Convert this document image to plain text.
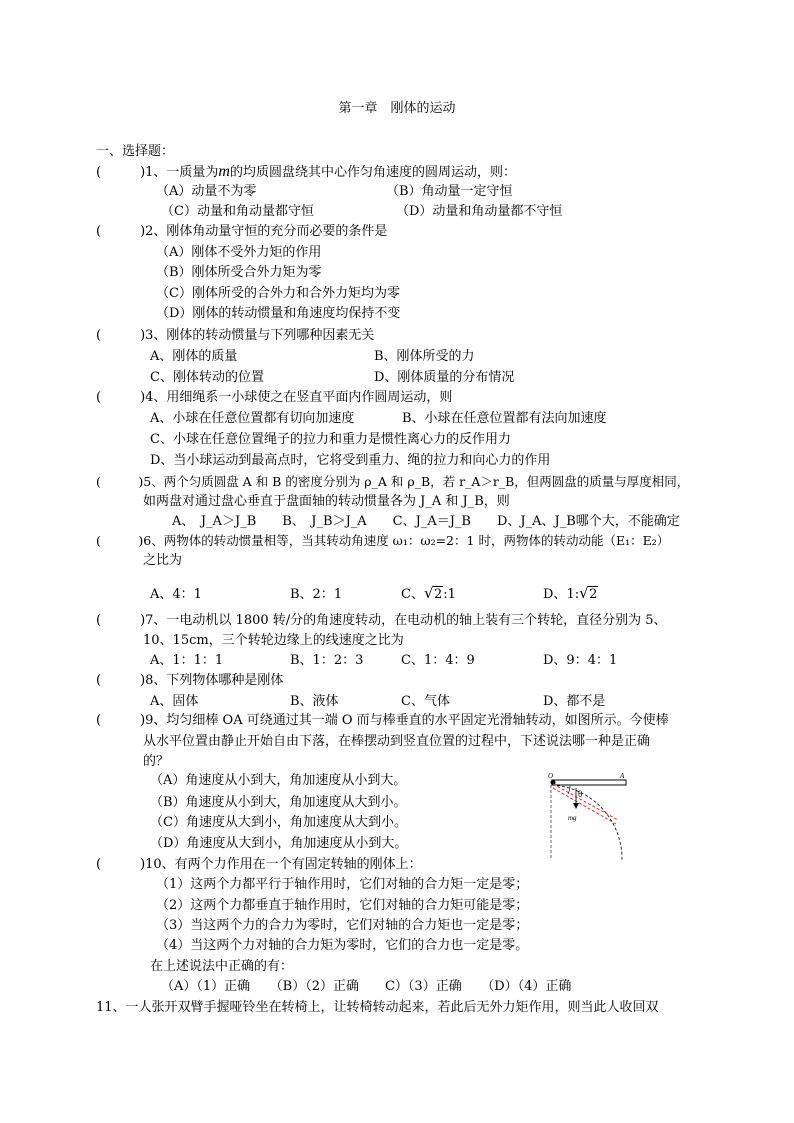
第一章　刚体的运动
一、选择题：
(　　　)1、一质量为m的均质圆盘绕其中心作匀角速度的圆周运动，则：
（A）动量不为零	（B）角动量一定守恒
（C）动量和角动量都守恒	（D）动量和角动量都不守恒
(　　　)2、刚体角动量守恒的充分而必要的条件是
（A）刚体不受外力矩的作用
（B）刚体所受合外力矩为零
（C）刚体所受的合外力和合外力矩均为零
（D）刚体的转动惯量和角速度均保持不变
(　　　)3、刚体的转动惯量与下列哪种因素无关
A、刚体的质量	B、刚体所受的力
C、刚体转动的位置	D、刚体质量的分布情况
(　　　)4、用细绳系一小球使之在竖直平面内作圆周运动，则
A、小球在任意位置都有切向加速度	B、小球在任意位置都有法向加速度
C、小球在任意位置绳子的拉力和重力是惯性离心力的反作用力
D、当小球运动到最高点时，它将受到重力、绳的拉力和向心力的作用
(　　　)5、两个匀质圆盘 A 和 B 的密度分别为 ρ_A 和 ρ_B，若 r_A＞r_B，但两圆盘的质量与厚度相同，
如两盘对通过盘心垂直于盘面轴的转动惯量各为 J_A 和 J_B，则
A、　J_A＞J_B　　B、　J_B＞J_A　　C、J_A＝J_B　　D、J_A、J_B哪个大，不能确定
(　　　)6、两物体的转动惯量相等，当其转动角速度 ω₁：ω₂=2：1 时，两物体的转动动能（E₁：E₂）
之比为
A、4：1	B、2：1	C、 √ 2:1	D、1: √ 2
(　　　)7、一电动机以 1800 转/分的角速度转动，在电动机的轴上装有三个转轮，直径分别为 5、
10、15cm，三个转轮边缘上的线速度之比为
A、1：1：1	B、1：2：3	C、1：4：9	D、9：4：1
(　　　)8、下列物体哪种是刚体
A、固体	B、液体	C、气体	D、都不是
(　　　)9、均匀细棒 OA 可绕通过其一端 O 而与棒垂直的水平固定光滑轴转动，如图所示。今使棒
从水平位置由静止开始自由下落，在棒摆动到竖直位置的过程中，下述说法哪一种是正确
的？
（A）角速度从小到大，角加速度从小到大。
（B）角速度从小到大，角加速度从大到小。
（C）角速度从大到小，角加速度从大到小。
（D）角速度从大到小，角加速度从小到大。
O	A
θ
mg
(　　　)10、有两个力作用在一个有固定转轴的刚体上：
（1）这两个力都平行于轴作用时，它们对轴的合力矩一定是零；
（2）这两个力都垂直于轴作用时，它们对轴的合力矩可能是零；
（3）当这两个力的合力为零时，它们对轴的合力矩也一定是零；
（4）当这两个力对轴的合力矩为零时，它们的合力也一定是零。
在上述说法中正确的有：
（A）（1）正确　　（B）（2）正确　　C）（3）正确　　（D）（4）正确
11、一人张开双臂手握哑铃坐在转椅上，让转椅转动起来，若此后无外力矩作用，则当此人收回双
